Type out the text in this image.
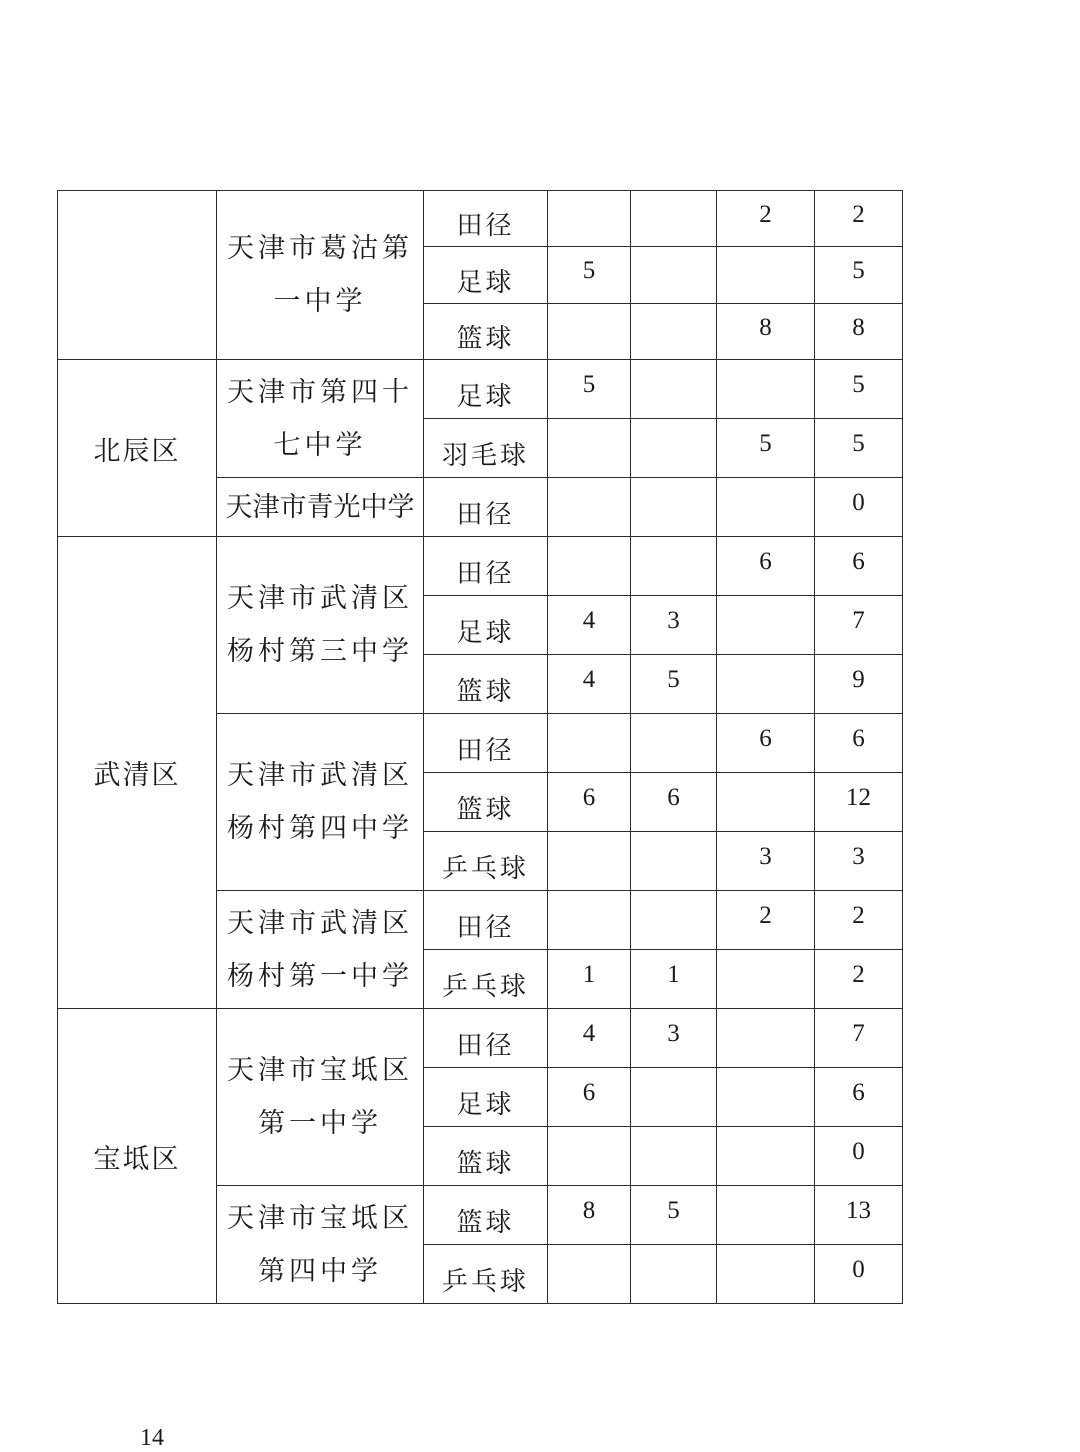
	天津市葛沽第一中学	田径			2	2
		足球	5			5
		篮球			8	8
北辰区	天津市第四十七中学	足球	5			5
		羽毛球			5	5
	天津市青光中学	田径				0
武清区	天津市武清区杨村第三中学	田径			6	6
		足球	4	3		7
		篮球	4	5		9
	天津市武清区杨村第四中学	田径			6	6
		篮球	6	6		12
		乒乓球			3	3
	天津市武清区杨村第一中学	田径			2	2
		乒乓球	1	1		2
宝坻区	天津市宝坻区第一中学	田径	4	3		7
		足球	6			6
		篮球				0
	天津市宝坻区第四中学	篮球	8	5		13
		乒乓球				0
14
